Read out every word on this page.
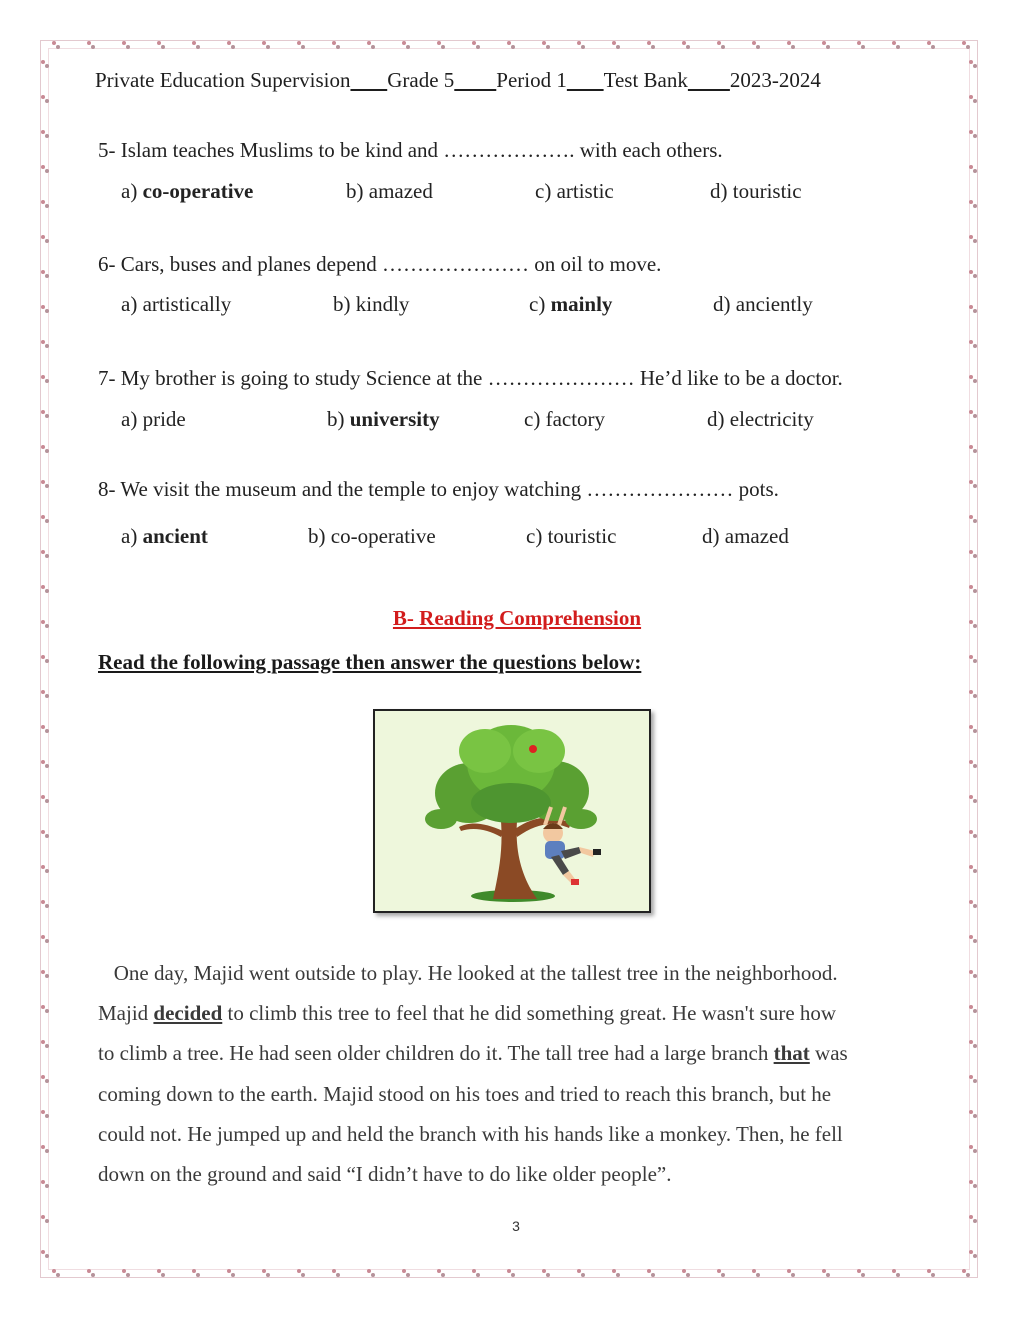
Private Education Supervision Grade 5 Period 1 Test Bank 2023-2024
5- Islam teaches Muslims to be kind and ………………. with each others.
a) co-operative	b) amazed	c) artistic	d) touristic
6- Cars, buses and planes depend ………………… on oil to move.
a) artistically	b) kindly	c) mainly	d) anciently
7- My brother is going to study Science at the ………………… He’d like to be a doctor.
a) pride	b) university	c) factory	d) electricity
8- We visit the museum and the temple to enjoy watching ………………… pots.
a) ancient	b) co-operative	c) touristic	d) amazed
B- Reading Comprehension
Read the following passage then answer the questions below:
One day, Majid went outside to play. He looked at the tallest tree in the neighborhood.
Majid decided to climb this tree to feel that he did something great. He wasn't sure how
to climb a tree. He had seen older children do it. The tall tree had a large branch that was
coming down to the earth. Majid stood on his toes and tried to reach this branch, but he
could not. He jumped up and held the branch with his hands like a monkey. Then, he fell
down on the ground and said “I didn’t have to do like older people”.
3
